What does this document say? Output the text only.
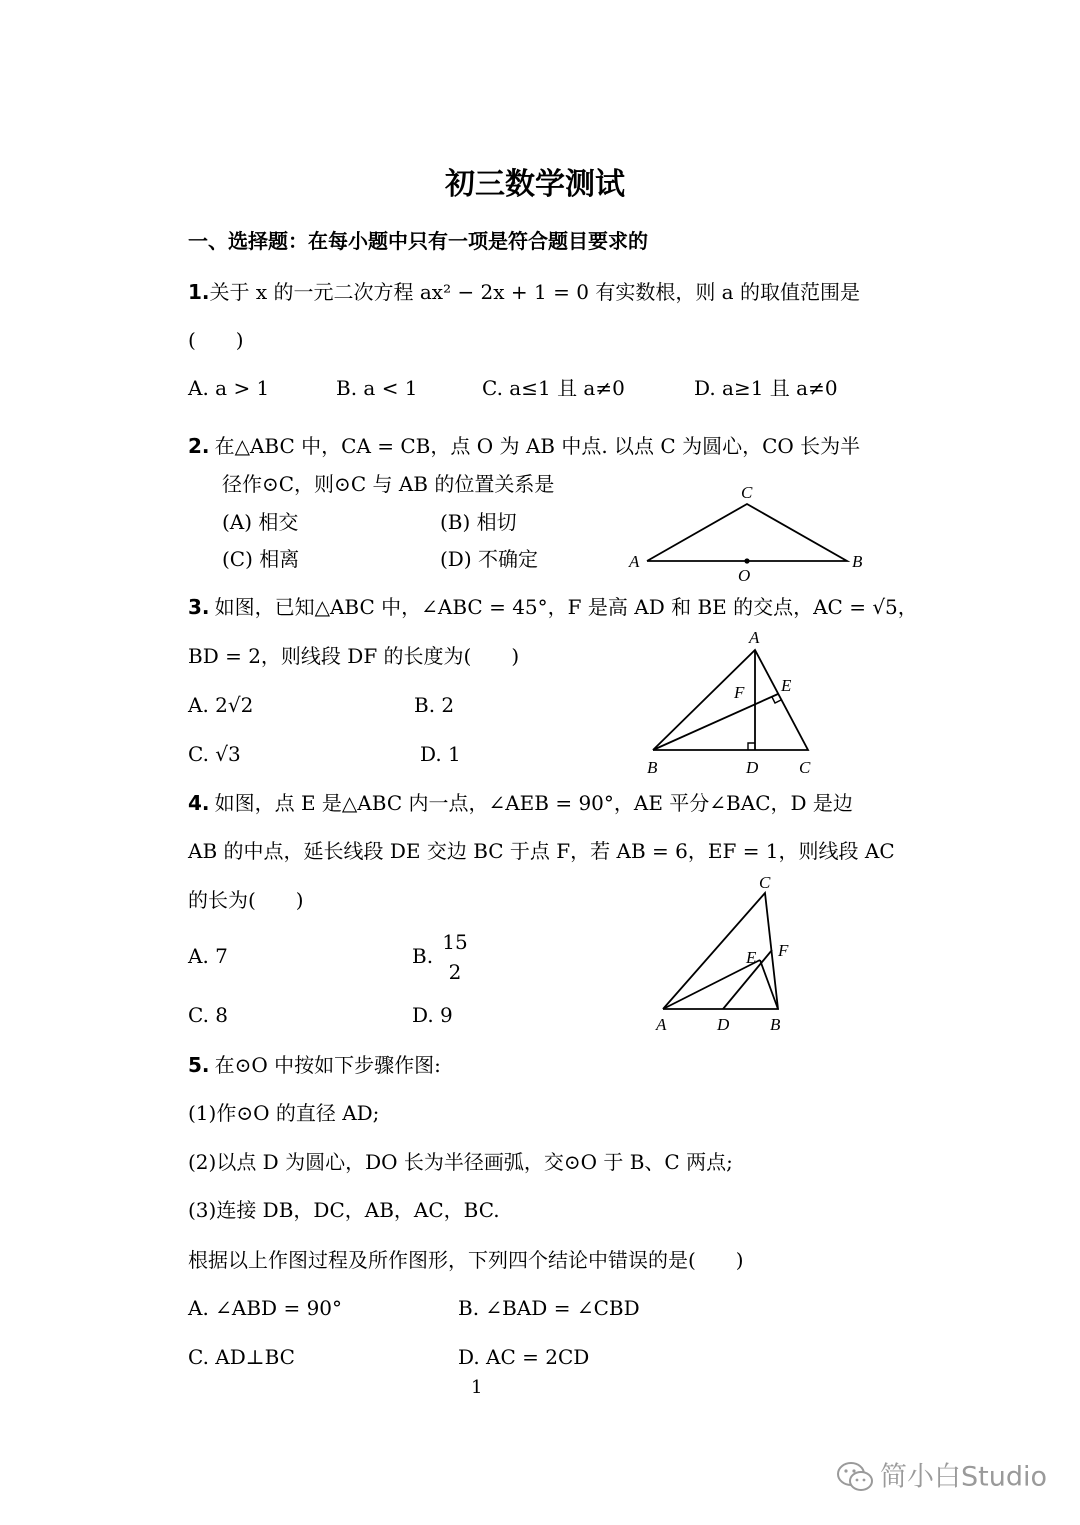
初三数学测试
一、选择题：在每小题中只有一项是符合题目要求的
1.关于 x 的一元二次方程 ax² − 2x + 1 = 0 有实数根，则 a 的取值范围是
(　　)
A. a > 1	B. a < 1	C. a≤1 且 a≠0	D. a≥1 且 a≠0
2. 在△ABC 中，CA = CB，点 O 为 AB 中点. 以点 C 为圆心，CO 长为半
径作⊙C，则⊙C 与 AB 的位置关系是
(A) 相交	(B) 相切
(C) 相离	(D) 不确定
C
A
O
B
3. 如图，已知△ABC 中，∠ABC = 45°，F 是高 AD 和 BE 的交点，AC = √5，
BD = 2，则线段 DF 的长度为(　　)
A. 2√2	B. 2
C. √3	D. 1
A
F E
B	D C
4. 如图，点 E 是△ABC 内一点，∠AEB = 90°，AE 平分∠BAC，D 是边
AB 的中点，延长线段 DE 交边 BC 于点 F，若 AB = 6，EF = 1，则线段 AC
的长为(　　)
A. 7	B.
15
2
C. 8	D. 9
C
E F
A	D B
5. 在⊙O 中按如下步骤作图:
(1)作⊙O 的直径 AD;
(2)以点 D 为圆心，DO 长为半径画弧，交⊙O 于 B、C 两点;
(3)连接 DB，DC，AB，AC，BC.
根据以上作图过程及所作图形，下列四个结论中错误的是(　　)
A. ∠ABD = 90°	B. ∠BAD = ∠CBD
C. AD⊥BC	D. AC = 2CD
1
简小白Studio
